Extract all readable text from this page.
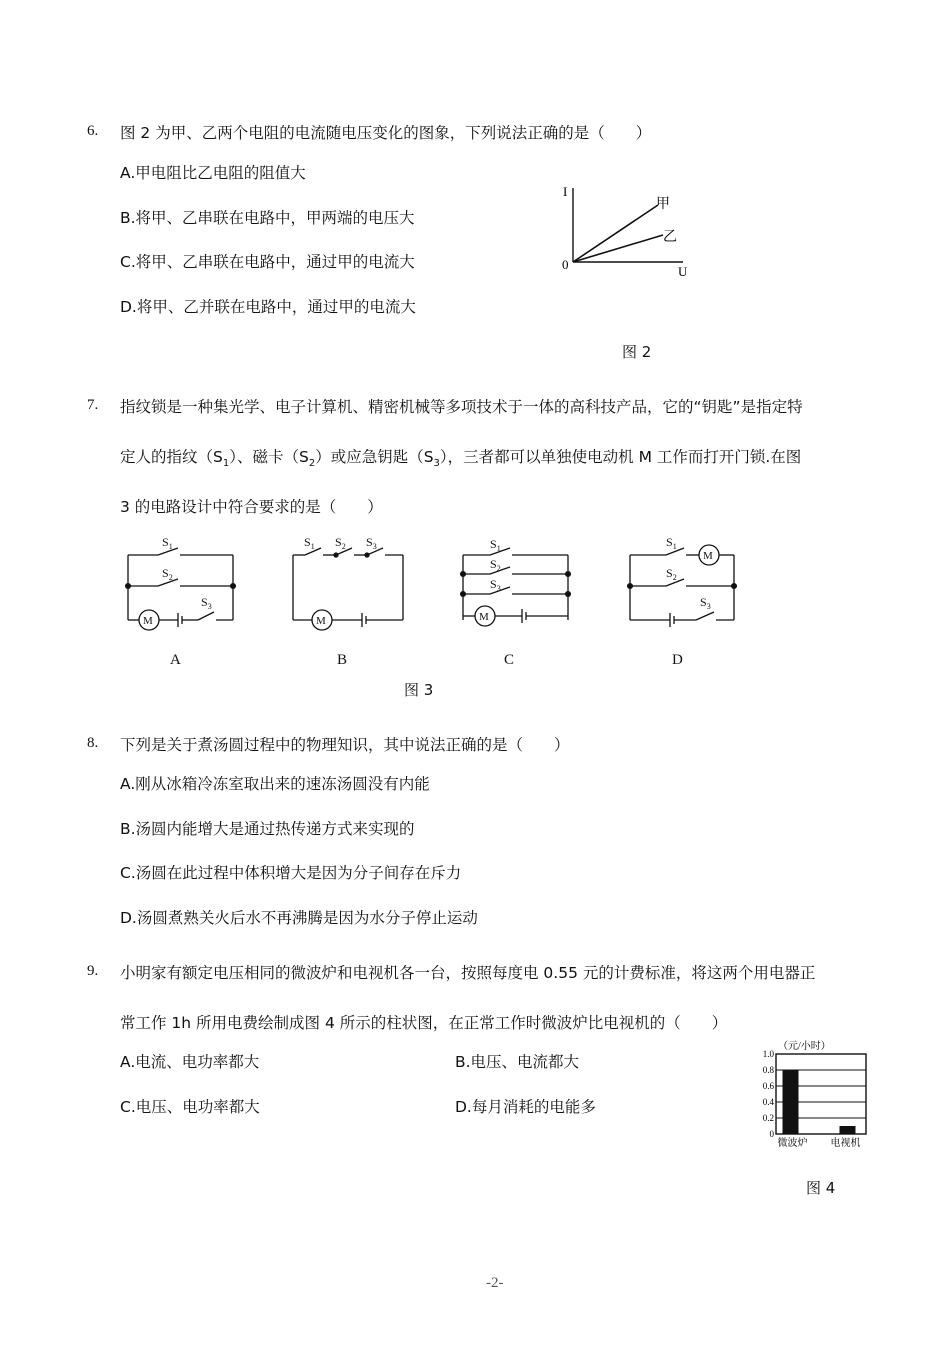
6. 图 2 为甲、乙两个电阻的电流随电压变化的图象，下列说法正确的是（　　）
A.甲电阻比乙电阻的阻值大
B.将甲、乙串联在电路中，甲两端的电压大
C.将甲、乙串联在电路中，通过甲的电流大
D.将甲、乙并联在电路中，通过甲的电流大
I
U
0
甲
乙
图 2
7. 指纹锁是一种集光学、电子计算机、精密机械等多项技术于一体的高科技产品，它的“钥匙”是指定特
定人的指纹$(S_1)$、磁卡$(S_2)$或应急钥匙$(S_3)$，三者都可以单独使电动机 M 工作而打开门锁.在图
3 的电路设计中符合要求的是（　　）
$S_1$
$S_2$
$S_3$
M
$S_1$ $S_2$ $S_3$
M
$S_1$
$S_2$
$S_3$
M
$S_1$
$S_2$
$S_3$
M
A	B	C	D
图 3
8. 下列是关于煮汤圆过程中的物理知识，其中说法正确的是（　　）
A.刚从冰箱冷冻室取出来的速冻汤圆没有内能
B.汤圆内能增大是通过热传递方式来实现的
C.汤圆在此过程中体积增大是因为分子间存在斥力
D.汤圆煮熟关火后水不再沸腾是因为水分子停止运动
9. 小明家有额定电压相同的微波炉和电视机各一台，按照每度电 0.55 元的计费标准，将这两个用电器正
常工作 1h 所用电费绘制成图 4 所示的柱状图，在正常工作时微波炉比电视机的（　　）
A.电流、电功率都大	B.电压、电流都大
C.电压、电功率都大	D.每月消耗的电能多
（元/小时）
0
0.2
0.4
0.6
0.8
1.0
微波炉 电视机
图 4
-2-
